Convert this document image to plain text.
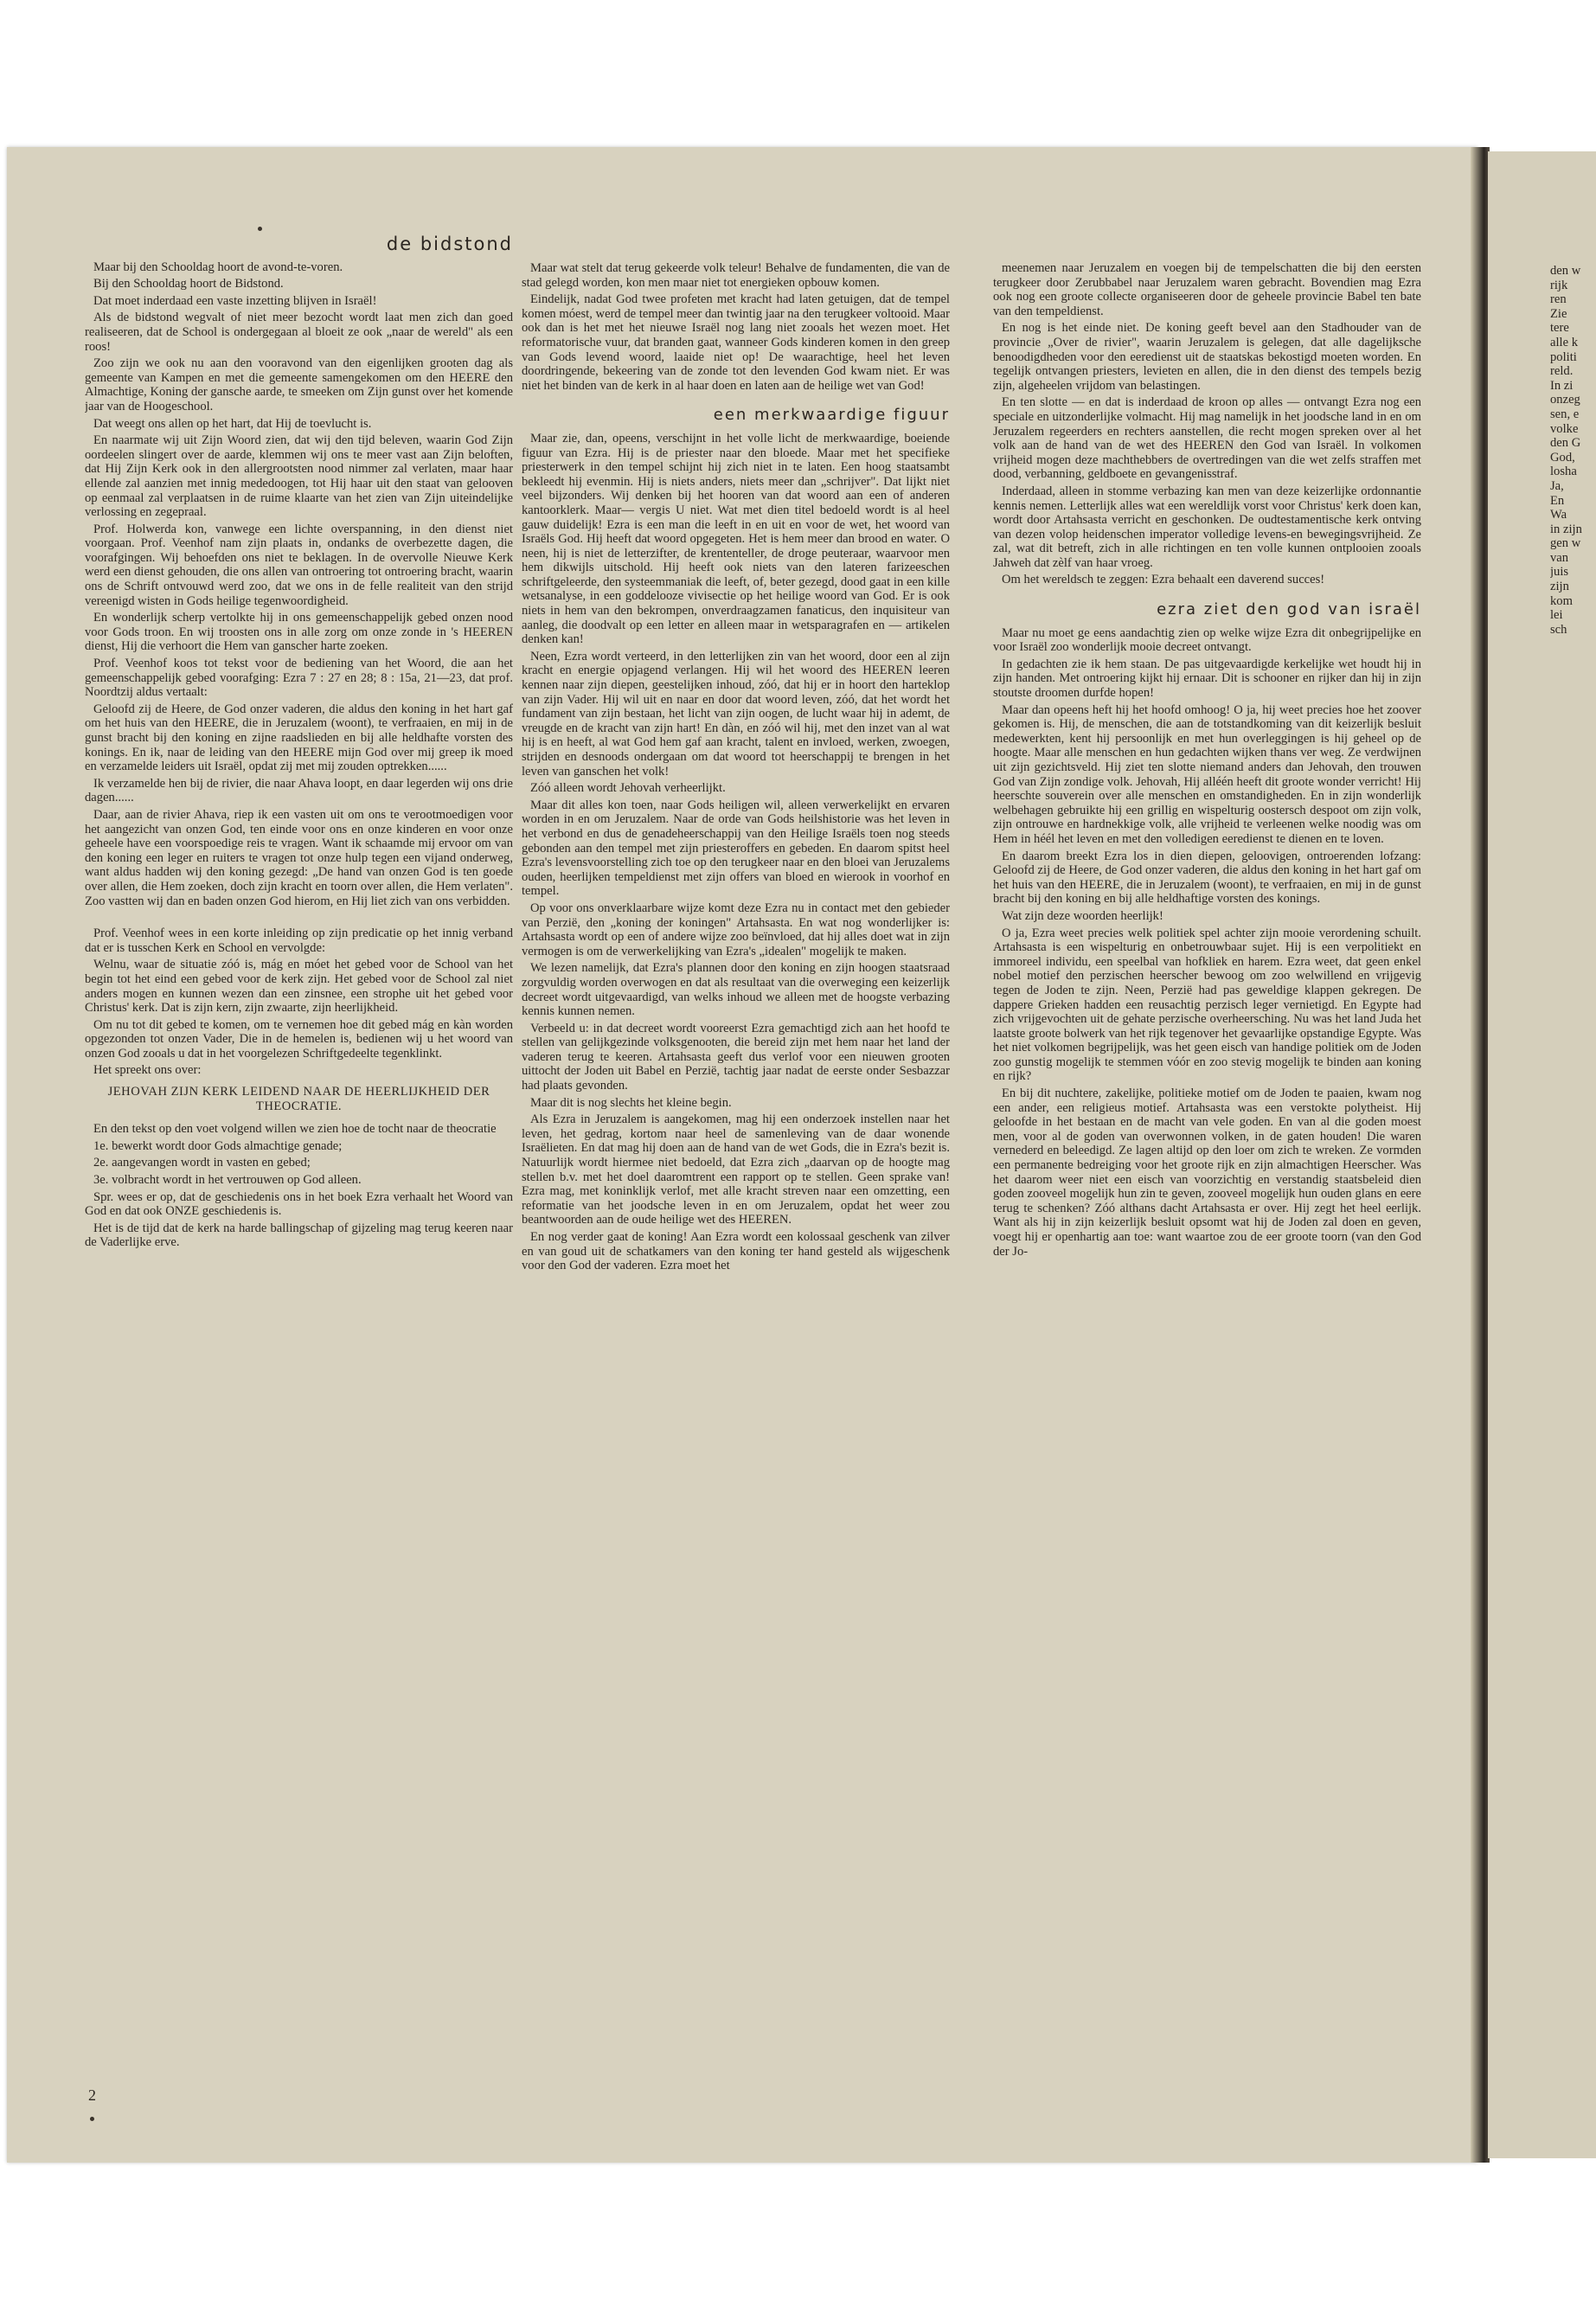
de bidstond

Maar bij den Schooldag hoort de avond-te-voren.

Bij den Schooldag hoort de Bidstond.

Dat moet inderdaad een vaste inzetting blijven in Israël!

Als de bidstond wegvalt of niet meer bezocht wordt laat men zich dan goed realiseeren, dat de School is ondergegaan al bloeit ze ook „naar de wereld" als een roos!

Zoo zijn we ook nu aan den vooravond van den eigenlijken grooten dag als gemeente van Kampen en met die gemeente samengekomen om den HEERE den Almachtige, Koning der gansche aarde, te smeeken om Zijn gunst over het komende jaar van de Hoogeschool.

Dat weegt ons allen op het hart, dat Hij de toevlucht is.

En naarmate wij uit Zijn Woord zien, dat wij den tijd beleven, waarin God Zijn oordeelen slingert over de aarde, klemmen wij ons te meer vast aan Zijn beloften, dat Hij Zijn Kerk ook in den allergrootsten nood nimmer zal verlaten, maar haar ellende zal aanzien met innig mededoogen, tot Hij haar uit den staat van gelooven op eenmaal zal verplaatsen in de ruime klaarte van het zien van Zijn uiteindelijke verlossing en zegepraal.

Prof. Holwerda kon, vanwege een lichte overspanning, in den dienst niet voorgaan. Prof. Veenhof nam zijn plaats in, ondanks de overbezette dagen, die voorafgingen. Wij behoefden ons niet te beklagen. In de overvolle Nieuwe Kerk werd een dienst gehouden, die ons allen van ontroering tot ontroering bracht, waarin ons de Schrift ontvouwd werd zoo, dat we ons in de felle realiteit van den strijd vereenigd wisten in Gods heilige tegenwoordigheid.

En wonderlijk scherp vertolkte hij in ons gemeenschappelijk gebed onzen nood voor Gods troon. En wij troosten ons in alle zorg om onze zonde in 's HEEREN dienst, Hij die verhoort die Hem van ganscher harte zoeken.

Prof. Veenhof koos tot tekst voor de bediening van het Woord, die aan het gemeenschappelijk gebed voorafging: Ezra 7 : 27 en 28; 8 : 15a, 21—23, dat prof. Noordtzij aldus vertaalt:

Geloofd zij de Heere, de God onzer vaderen, die aldus den koning in het hart gaf om het huis van den HEERE, die in Jeruzalem (woont), te verfraaien, en mij in de gunst bracht bij den koning en zijne raadslieden en bij alle heldhafte vorsten des konings. En ik, naar de leiding van den HEERE mijn God over mij greep ik moed en verzamelde leiders uit Israël, opdat zij met mij zouden optrekken......

Ik verzamelde hen bij de rivier, die naar Ahava loopt, en daar legerden wij ons drie dagen......

Daar, aan de rivier Ahava, riep ik een vasten uit om ons te verootmoedigen voor het aangezicht van onzen God, ten einde voor ons en onze kinderen en voor onze geheele have een voorspoedige reis te vragen. Want ik schaamde mij ervoor om van den koning een leger en ruiters te vragen tot onze hulp tegen een vijand onderweg, want aldus hadden wij den koning gezegd: „De hand van onzen God is ten goede over allen, die Hem zoeken, doch zijn kracht en toorn over allen, die Hem verlaten". Zoo vastten wij dan en baden onzen God hierom, en Hij liet zich van ons verbidden.

Prof. Veenhof wees in een korte inleiding op zijn predicatie op het innig verband dat er is tusschen Kerk en School en vervolgde:

Welnu, waar de situatie zóó is, mág en móet het gebed voor de School van het begin tot het eind een gebed voor de kerk zijn. Het gebed voor de School zal niet anders mogen en kunnen wezen dan een zinsnee, een strophe uit het gebed voor Christus' kerk. Dat is zijn kern, zijn zwaarte, zijn heerlijkheid.

Om nu tot dit gebed te komen, om te vernemen hoe dit gebed mág en kàn worden opgezonden tot onzen Vader, Die in de hemelen is, bedienen wij u het woord van onzen God zooals u dat in het voorgelezen Schriftgedeelte tegenklinkt.

Het spreekt ons over:

JEHOVAH ZIJN KERK LEIDEND NAAR DE HEERLIJKHEID DER THEOCRATIE.

En den tekst op den voet volgend willen we zien hoe de tocht naar de theocratie

1e. bewerkt wordt door Gods almachtige genade;

2e. aangevangen wordt in vasten en gebed;

3e. volbracht wordt in het vertrouwen op God alleen.

Spr. wees er op, dat de geschiedenis ons in het boek Ezra verhaalt het Woord van God en dat ook ONZE geschiedenis is.

Het is de tijd dat de kerk na harde ballingschap of gijzeling mag terug keeren naar de Vaderlijke erve.

Maar wat stelt dat terug gekeerde volk teleur! Behalve de fundamenten, die van de stad gelegd worden, kon men maar niet tot energieken opbouw komen.

Eindelijk, nadat God twee profeten met kracht had laten getuigen, dat de tempel komen móest, werd de tempel meer dan twintig jaar na den terugkeer voltooid. Maar ook dan is het met het nieuwe Israël nog lang niet zooals het wezen moet. Het reformatorische vuur, dat branden gaat, wanneer Gods kinderen komen in den greep van Gods levend woord, laaide niet op! De waarachtige, heel het leven doordringende, bekeering van de zonde tot den levenden God kwam niet. Er was niet het binden van de kerk in al haar doen en laten aan de heilige wet van God!

een merkwaardige figuur

Maar zie, dan, opeens, verschijnt in het volle licht de merkwaardige, boeiende figuur van Ezra. Hij is de priester naar den bloede. Maar met het specifieke priesterwerk in den tempel schijnt hij zich niet in te laten. Een hoog staatsambt bekleedt hij evenmin. Hij is niets anders, niets meer dan „schrijver". Dat lijkt niet veel bijzonders. Wij denken bij het hooren van dat woord aan een of anderen kantoorklerk. Maar— vergis U niet. Wat met dien titel bedoeld wordt is al heel gauw duidelijk! Ezra is een man die leeft in en uit en voor de wet, het woord van Israëls God. Hij heeft dat woord opgegeten. Het is hem meer dan brood en water. O neen, hij is niet de letterzifter, de krententeller, de droge peuteraar, waarvoor men hem dikwijls uitschold. Hij heeft ook niets van den lateren farizeeschen schriftgeleerde, den systeemmaniak die leeft, of, beter gezegd, dood gaat in een kille wetsanalyse, in een goddelooze vivisectie op het heilige woord van God. Er is ook niets in hem van den bekrompen, onverdraagzamen fanaticus, den inquisiteur van aanleg, die doodvalt op een letter en alleen maar in wetsparagrafen en — artikelen denken kan!

Neen, Ezra wordt verteerd, in den letterlijken zin van het woord, door een al zijn kracht en energie opjagend verlangen. Hij wil het woord des HEEREN leeren kennen naar zijn diepen, geestelijken inhoud, zóó, dat hij er in hoort den harteklop van zijn Vader. Hij wil uit en naar en door dat woord leven, zóó, dat het wordt het fundament van zijn bestaan, het licht van zijn oogen, de lucht waar hij in ademt, de vreugde en de kracht van zijn hart! En dàn, en zóó wil hij, met den inzet van al wat hij is en heeft, al wat God hem gaf aan kracht, talent en invloed, werken, zwoegen, strijden en desnoods ondergaan om dat woord tot heerschappij te brengen in het leven van ganschen het volk!

Zóó alleen wordt Jehovah verheerlijkt.

Maar dit alles kon toen, naar Gods heiligen wil, alleen verwerkelijkt en ervaren worden in en om Jeruzalem. Naar de orde van Gods heilshistorie was het leven in het verbond en dus de genadeheerschappij van den Heilige Israëls toen nog steeds gebonden aan den tempel met zijn priesteroffers en gebeden. En daarom spitst heel Ezra's levensvoorstelling zich toe op den terugkeer naar en den bloei van Jeruzalems ouden, heerlijken tempeldienst met zijn offers van bloed en wierook in voorhof en tempel.

Op voor ons onverklaarbare wijze komt deze Ezra nu in contact met den gebieder van Perzië, den „koning der koningen" Artahsasta. En wat nog wonderlijker is: Artahsasta wordt op een of andere wijze zoo beïnvloed, dat hij alles doet wat in zijn vermogen is om de verwerkelijking van Ezra's „idealen" mogelijk te maken.

We lezen namelijk, dat Ezra's plannen door den koning en zijn hoogen staatsraad zorgvuldig worden overwogen en dat als resultaat van die overweging een keizerlijk decreet wordt uitgevaardigd, van welks inhoud we alleen met de hoogste verbazing kennis kunnen nemen.

Verbeeld u: in dat decreet wordt vooreerst Ezra gemachtigd zich aan het hoofd te stellen van gelijkgezinde volksgenooten, die bereid zijn met hem naar het land der vaderen terug te keeren. Artahsasta geeft dus verlof voor een nieuwen grooten uittocht der Joden uit Babel en Perzië, tachtig jaar nadat de eerste onder Sesbazzar had plaats gevonden.

Maar dit is nog slechts het kleine begin.

Als Ezra in Jeruzalem is aangekomen, mag hij een onderzoek instellen naar het leven, het gedrag, kortom naar heel de samenleving van de daar wonende Israëlieten. En dat mag hij doen aan de hand van de wet Gods, die in Ezra's bezit is. Natuurlijk wordt hiermee niet bedoeld, dat Ezra zich „daarvan op de hoogte mag stellen b.v. met het doel daaromtrent een rapport op te stellen. Geen sprake van! Ezra mag, met koninklijk verlof, met alle kracht streven naar een omzetting, een reformatie van het joodsche leven in en om Jeruzalem, opdat het weer zou beantwoorden aan de oude heilige wet des HEEREN.

En nog verder gaat de koning! Aan Ezra wordt een kolossaal geschenk van zilver en van goud uit de schatkamers van den koning ter hand gesteld als wijgeschenk voor den God der vaderen. Ezra moet het

meenemen naar Jeruzalem en voegen bij de tempelschatten die bij den eersten terugkeer door Zerubbabel naar Jeruzalem waren gebracht. Bovendien mag Ezra ook nog een groote collecte organiseeren door de geheele provincie Babel ten bate van den tempeldienst.

En nog is het einde niet. De koning geeft bevel aan den Stadhouder van de provincie „Over de rivier", waarin Jeruzalem is gelegen, dat alle dagelijksche benoodigdheden voor den eeredienst uit de staatskas bekostigd moeten worden. En tegelijk ontvangen priesters, levieten en allen, die in den dienst des tempels bezig zijn, algeheelen vrijdom van belastingen.

En ten slotte — en dat is inderdaad de kroon op alles — ontvangt Ezra nog een speciale en uitzonderlijke volmacht. Hij mag namelijk in het joodsche land in en om Jeruzalem regeerders en rechters aanstellen, die recht mogen spreken over al het volk aan de hand van de wet des HEEREN den God van Israël. In volkomen vrijheid mogen deze machthebbers de overtredingen van die wet zelfs straffen met dood, verbanning, geldboete en gevangenisstraf.

Inderdaad, alleen in stomme verbazing kan men van deze keizerlijke ordonnantie kennis nemen. Letterlijk alles wat een wereldlijk vorst voor Christus' kerk doen kan, wordt door Artahsasta verricht en geschonken. De oudtestamentische kerk ontving van dezen volop heidenschen imperator volledige levens-en bewegingsvrijheid. Ze zal, wat dit betreft, zich in alle richtingen en ten volle kunnen ontplooien zooals Jahweh dat zèlf van haar vroeg.

Om het wereldsch te zeggen: Ezra behaalt een daverend succes!

ezra ziet den god van israël

Maar nu moet ge eens aandachtig zien op welke wijze Ezra dit onbegrijpelijke en voor Israël zoo wonderlijk mooie decreet ontvangt.

In gedachten zie ik hem staan. De pas uitgevaardigde kerkelijke wet houdt hij in zijn handen. Met ontroering kijkt hij ernaar. Dit is schooner en rijker dan hij in zijn stoutste droomen durfde hopen!

Maar dan opeens heft hij het hoofd omhoog! O ja, hij weet precies hoe het zoover gekomen is. Hij, de menschen, die aan de totstandkoming van dit keizerlijk besluit medewerkten, kent hij persoonlijk en met hun overleggingen is hij geheel op de hoogte. Maar alle menschen en hun gedachten wijken thans ver weg. Ze verdwijnen uit zijn gezichtsveld. Hij ziet ten slotte niemand anders dan Jehovah, den trouwen God van Zijn zondige volk. Jehovah, Hij alléén heeft dit groote wonder verricht! Hij heerschte souverein over alle menschen en omstandigheden. En in zijn wonderlijk welbehagen gebruikte hij een grillig en wispelturig oostersch despoot om zijn volk, zijn ontrouwe en hardnekkige volk, alle vrijheid te verleenen welke noodig was om Hem in héél het leven en met den volledigen eeredienst te dienen en te loven.

En daarom breekt Ezra los in dien diepen, geloovigen, ontroerenden lofzang: Geloofd zij de Heere, de God onzer vaderen, die aldus den koning in het hart gaf om het huis van den HEERE, die in Jeruzalem (woont), te verfraaien, en mij in de gunst bracht bij den koning en bij alle heldhaftige vorsten des konings.

Wat zijn deze woorden heerlijk!

O ja, Ezra weet precies welk politiek spel achter zijn mooie verordening schuilt. Artahsasta is een wispelturig en onbetrouwbaar sujet. Hij is een verpolitiekt en immoreel individu, een speelbal van hofkliek en harem. Ezra weet, dat geen enkel nobel motief den perzischen heerscher bewoog om zoo welwillend en vrijgevig tegen de Joden te zijn. Neen, Perzië had pas geweldige klappen gekregen. De dappere Grieken hadden een reusachtig perzisch leger vernietigd. En Egypte had zich vrijgevochten uit de gehate perzische overheersching. Nu was het land Juda het laatste groote bolwerk van het rijk tegenover het gevaarlijke opstandige Egypte. Was het niet volkomen begrijpelijk, was het geen eisch van handige politiek om de Joden zoo gunstig mogelijk te stemmen vóór en zoo stevig mogelijk te binden aan koning en rijk?

En bij dit nuchtere, zakelijke, politieke motief om de Joden te paaien, kwam nog een ander, een religieus motief. Artahsasta was een verstokte polytheist. Hij geloofde in het bestaan en de macht van vele goden. En van al die goden moest men, voor al de goden van overwonnen volken, in de gaten houden! Die waren vernederd en beleedigd. Ze lagen altijd op den loer om zich te wreken. Ze vormden een permanente bedreiging voor het groote rijk en zijn almachtigen Heerscher. Was het daarom weer niet een eisch van voorzichtig en verstandig staatsbeleid dien goden zooveel mogelijk hun zin te geven, zooveel mogelijk hun ouden glans en eere terug te schenken? Zóó althans dacht Artahsasta er over. Hij zegt het heel eerlijk. Want als hij in zijn keizerlijk besluit opsomt wat hij de Joden zal doen en geven, voegt hij er openhartig aan toe: want waartoe zou de eer groote toorn (van den God der Jo-

den w
rijk
ren
Zie
tere
alle k
politi
reld.
In zi
onzeg
sen, e
volke
den G
God,
losha
Ja,
En
Wa
in zijn
gen w
van
juis
zijn
kom
lei
sch
2
